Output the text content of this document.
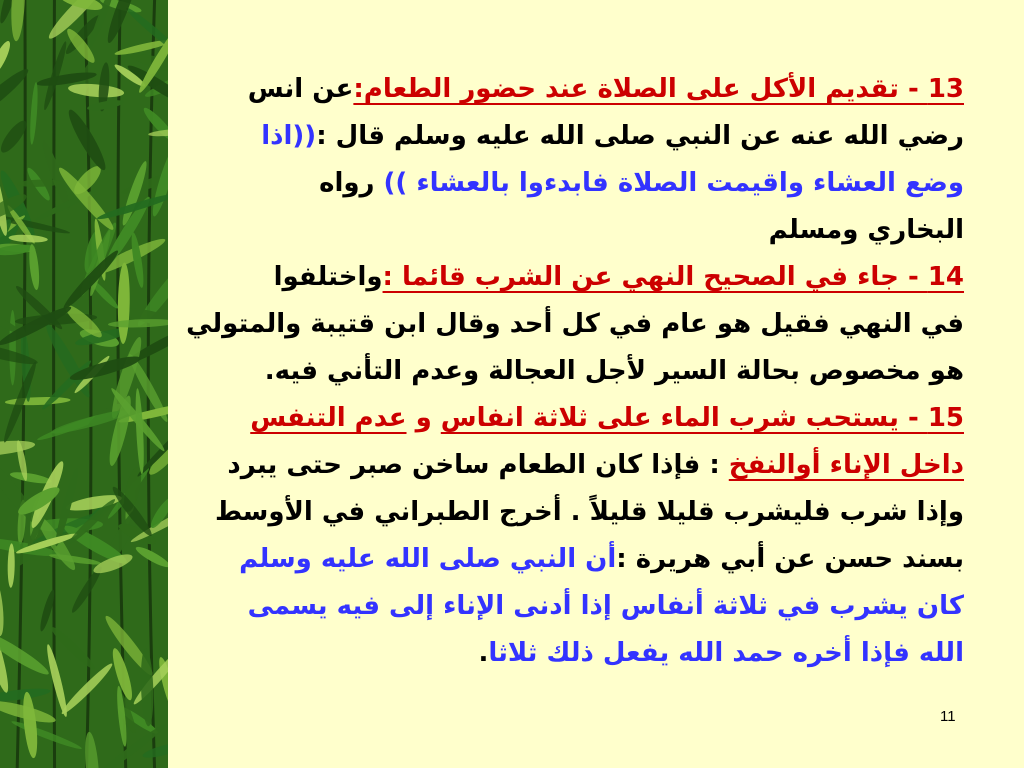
13 - تقديم الأكل على الصلاة عند حضور الطعام:عن انس
رضي الله عنه عن النبي صلى الله عليه وسلم قال :((اذا
وضع العشاء واقيمت الصلاة فابدءوا بالعشاء )) رواه
البخاري ومسلم
14 - جاء في الصحيح النهي عن الشرب قائما :واختلفوا
في النهي فقيل هو عام في كل أحد وقال ابن قتيبة والمتولي
هو مخصوص بحالة السير لأجل العجالة وعدم التأني فيه.
15 - يستحب شرب الماء على ثلاثة انفاس و عدم التنفس
داخل الإناء أوالنفخ : فإذا كان الطعام ساخن صبر حتى يبرد
وإذا شرب فليشرب قليلا قليلاً . أخرج الطبراني في الأوسط
بسند حسن عن أبي هريرة :أن النبي صلى الله عليه وسلم
كان يشرب في ثلاثة أنفاس إذا أدنى الإناء إلى فيه يسمى
الله فإذا أخره حمد الله يفعل ذلك ثلاثا.
11
